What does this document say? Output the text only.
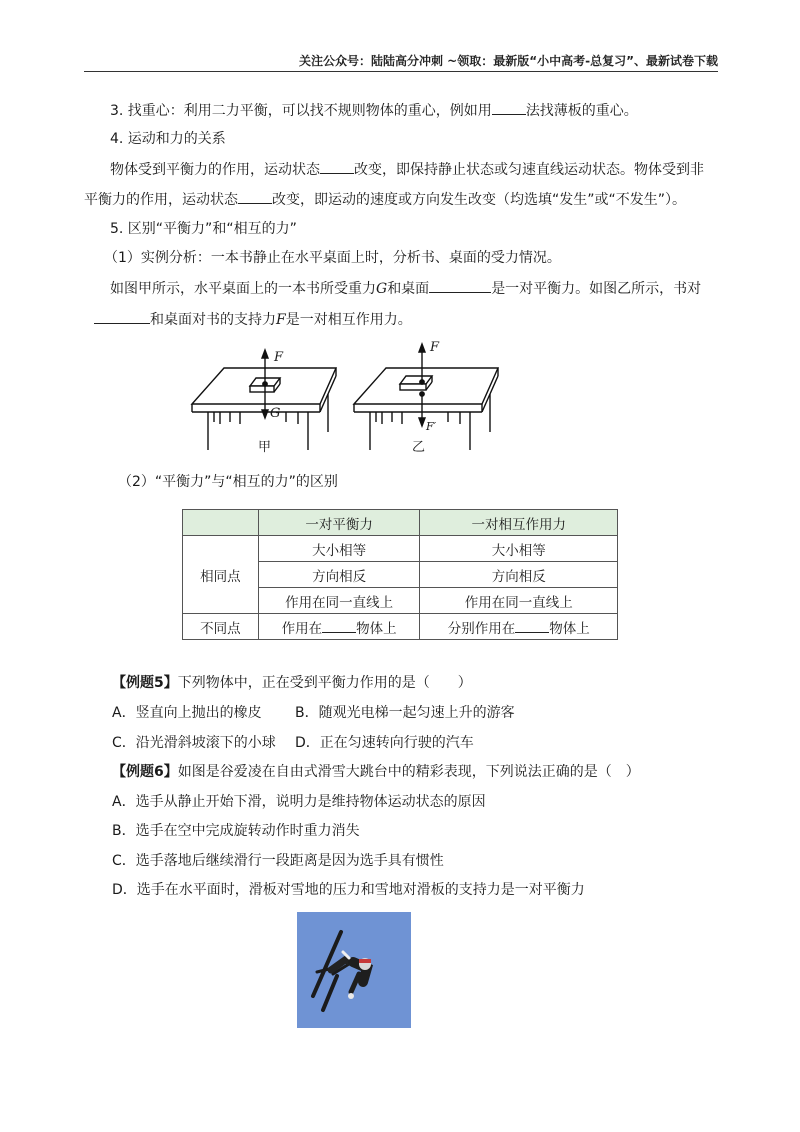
关注公众号：陆陆高分冲刺 ~领取：最新版“小中高考-总复习”、最新试卷下载
3. 找重心：利用二力平衡，可以找不规则物体的重心，例如用 法找薄板的重心。
4. 运动和力的关系
物体受到平衡力的作用，运动状态 改变，即保持静止状态或匀速直线运动状态。物体受到非
平衡力的作用，运动状态 改变，即运动的速度或方向发生改变（均选填“发生”或“不发生”）。
5. 区别“平衡力”和“相互的力”
（1）实例分析：一本书静止在水平桌面上时，分析书、桌面的受力情况。
如图甲所示，水平桌面上的一本书所受重力G和桌面	是一对平衡力。如图乙所示，书对
和桌面对书的支持力F是一对相互作用力。
F
G
F
F′
甲	乙
（2）“平衡力”与“相互的力”的区别
	一对平衡力	一对相互作用力
相同点	大小相等	大小相等
	方向相反	方向相反
	作用在同一直线上	作用在同一直线上
不同点	作用在 物体上	分别作用在 物体上
【例题5】下列物体中，正在受到平衡力作用的是（　　）
A．竖直向上抛出的橡皮 B．随观光电梯一起匀速上升的游客
C．沿光滑斜坡滚下的小球 D．正在匀速转向行驶的汽车
【例题6】如图是谷爱凌在自由式滑雪大跳台中的精彩表现，下列说法正确的是（　）
A．选手从静止开始下滑，说明力是维持物体运动状态的原因
B．选手在空中完成旋转动作时重力消失
C．选手落地后继续滑行一段距离是因为选手具有惯性
D．选手在水平面时，滑板对雪地的压力和雪地对滑板的支持力是一对平衡力
